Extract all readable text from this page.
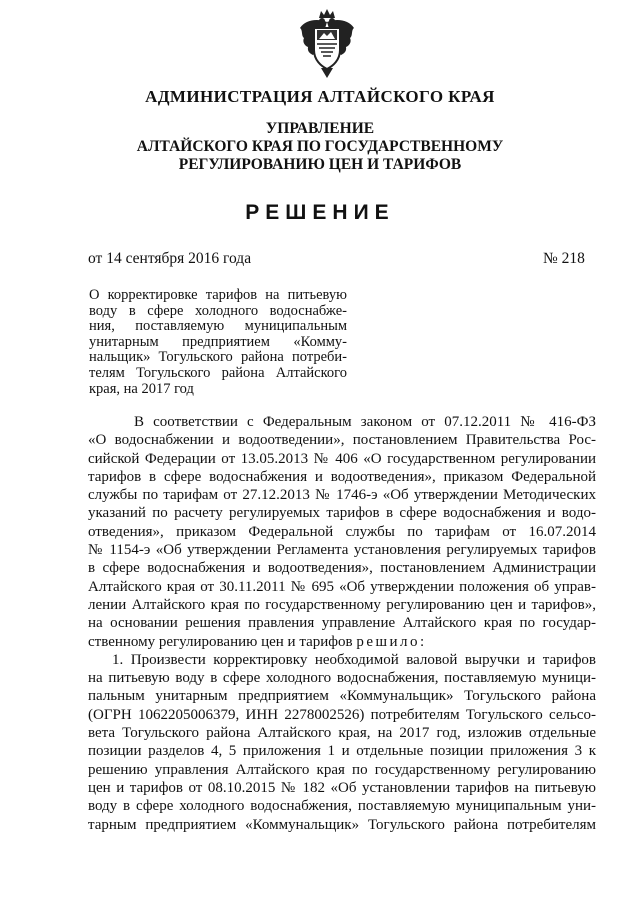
АДМИНИСТРАЦИЯ АЛТАЙСКОГО КРАЯ
УПРАВЛЕНИЕ
АЛТАЙСКОГО КРАЯ ПО ГОСУДАРСТВЕННОМУ
РЕГУЛИРОВАНИЮ ЦЕН И ТАРИФОВ
РЕШЕНИЕ
от 14 сентября 2016 года	№ 218
О корректировке тарифов на питьевую
воду в сфере холодного водоснабже-
ния, поставляемую муниципальным
унитарным предприятием «Комму-
нальщик» Тогульского района потреби-
телям Тогульского района Алтайского
края, на 2017 год
В соответствии с Федеральным законом от 07.12.2011 № 416-ФЗ
«О водоснабжении и водоотведении», постановлением Правительства Рос-
сийской Федерации от 13.05.2013 № 406 «О государственном регулировании
тарифов в сфере водоснабжения и водоотведения», приказом Федеральной
службы по тарифам от 27.12.2013 № 1746-э «Об утверждении Методических
указаний по расчету регулируемых тарифов в сфере водоснабжения и водо-
отведения», приказом Федеральной службы по тарифам от 16.07.2014
№ 1154-э «Об утверждении Регламента установления регулируемых тарифов
в сфере водоснабжения и водоотведения», постановлением Администрации
Алтайского края от 30.11.2011 № 695 «Об утверждении положения об управ-
лении Алтайского края по государственному регулированию цен и тарифов»,
на основании решения правления управление Алтайского края по государ-
ственному регулированию цен и тарифов решило:
1. Произвести корректировку необходимой валовой выручки и тарифов
на питьевую воду в сфере холодного водоснабжения, поставляемую муници-
пальным унитарным предприятием «Коммунальщик» Тогульского района
(ОГРН 1062205006379, ИНН 2278002526) потребителям Тогульского сельсо-
вета Тогульского района Алтайского края, на 2017 год, изложив отдельные
позиции разделов 4, 5 приложения 1 и отдельные позиции приложения 3 к
решению управления Алтайского края по государственному регулированию
цен и тарифов от 08.10.2015 № 182 «Об установлении тарифов на питьевую
воду в сфере холодного водоснабжения, поставляемую муниципальным уни-
тарным предприятием «Коммунальщик» Тогульского района потребителям
